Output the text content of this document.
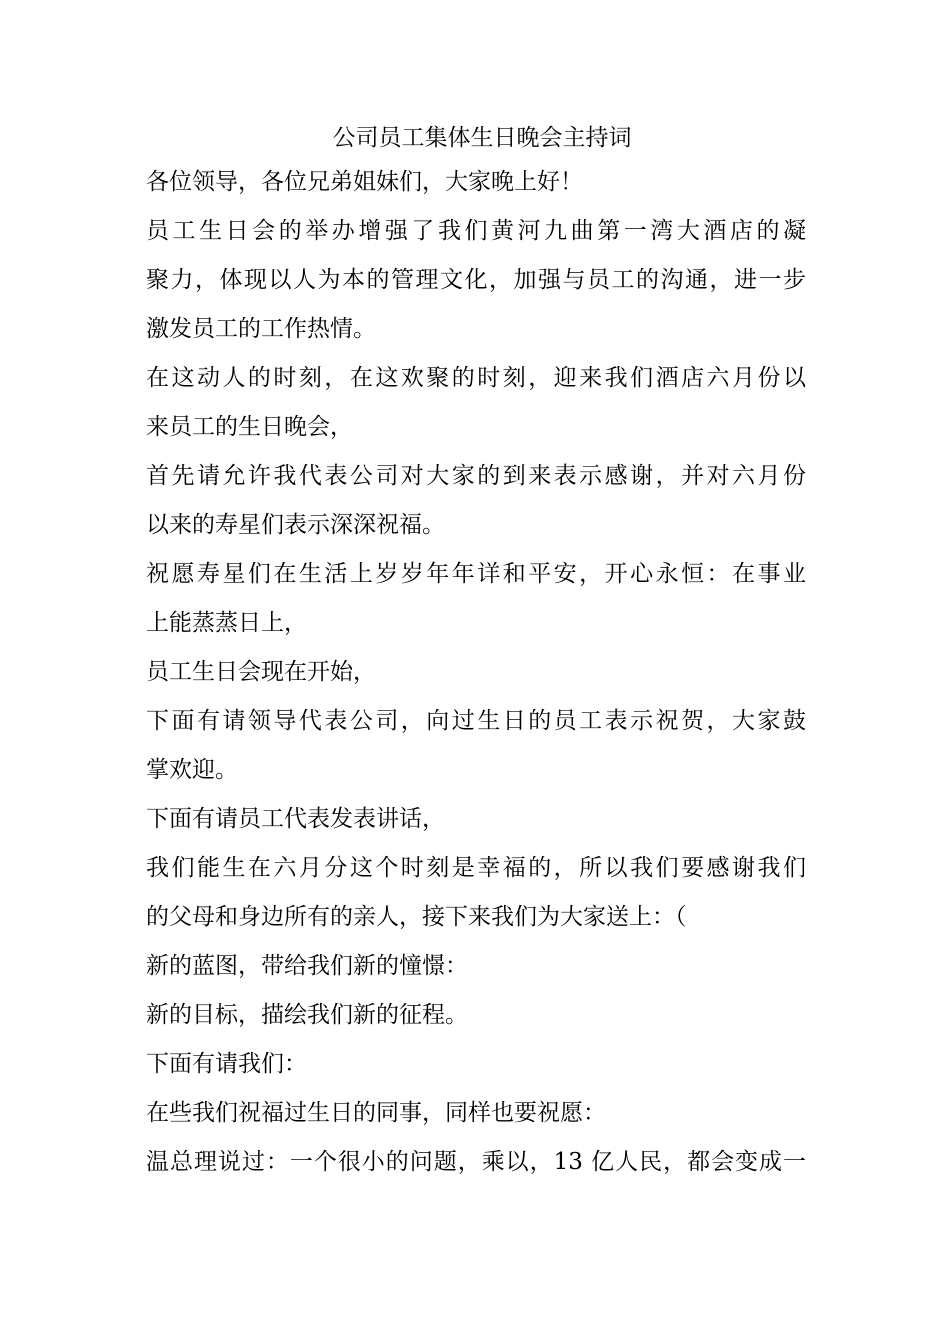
公司员工集体生日晚会主持词
各位领导，各位兄弟姐妹们，大家晚上好！
员工生日会的举办增强了我们黄河九曲第一湾大酒店的凝
聚力，体现以人为本的管理文化，加强与员工的沟通，进一步
激发员工的工作热情。
在这动人的时刻，在这欢聚的时刻，迎来我们酒店六月份以
来员工的生日晚会，
首先请允许我代表公司对大家的到来表示感谢，并对六月份
以来的寿星们表示深深祝福。
祝愿寿星们在生活上岁岁年年详和平安，开心永恒：在事业
上能蒸蒸日上，
员工生日会现在开始，
下面有请领导代表公司，向过生日的员工表示祝贺，大家鼓
掌欢迎。
下面有请员工代表发表讲话，
我们能生在六月分这个时刻是幸福的，所以我们要感谢我们
的父母和身边所有的亲人，接下来我们为大家送上：（
新的蓝图，带给我们新的憧憬：
新的目标，描绘我们新的征程。
下面有请我们：
在些我们祝福过生日的同事，同样也要祝愿：
温总理说过：一个很小的问题，乘以，13 亿人民，都会变成一
